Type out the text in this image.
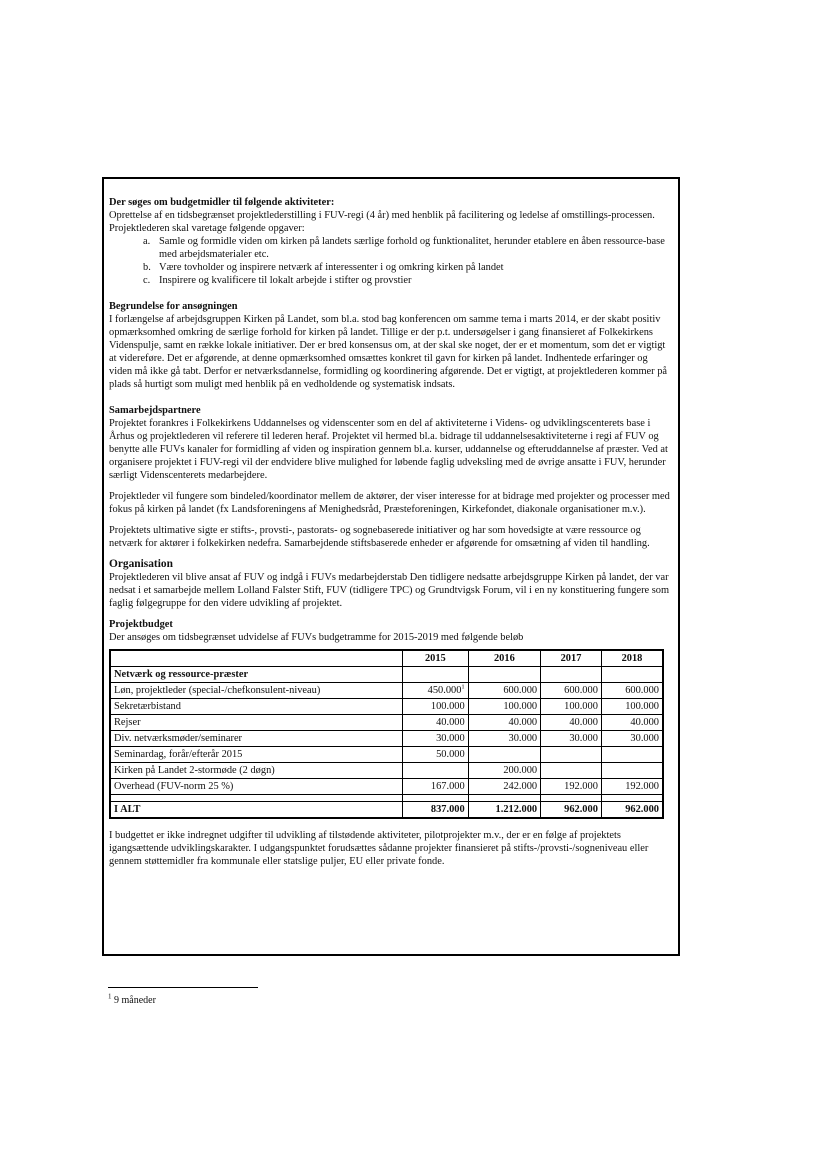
Der søges om budgetmidler til følgende aktiviteter:

Oprettelse af en tidsbegrænset projektlederstilling i FUV-regi (4 år) med henblik på facilitering og ledelse af omstillings-processen.

Projektlederen skal varetage følgende opgaver:

a. Samle og formidle viden om kirken på landets særlige forhold og funktionalitet, herunder etablere en åben ressource-base med arbejdsmaterialer etc.
b. Være tovholder og inspirere netværk af interessenter i og omkring kirken på landet
c. Inspirere og kvalificere til lokalt arbejde i stifter og provstier

Begrundelse for ansøgningen

I forlængelse af arbejdsgruppen Kirken på Landet, som bl.a. stod bag konferencen om samme tema i marts 2014, er der skabt positiv opmærksomhed omkring de særlige forhold for kirken på landet. Tillige er der p.t. undersøgelser i gang finansieret af Folkekirkens Videnspulje, samt en række lokale initiativer. Der er bred konsensus om, at der skal ske noget, der er et momentum, som det er vigtigt at videreføre. Det er afgørende, at denne opmærksomhed omsættes konkret til gavn for kirken på landet. Indhentede erfaringer og viden må ikke gå tabt. Derfor er netværksdannelse, formidling og koordinering afgørende. Det er vigtigt, at projektlederen kommer på plads så hurtigt som muligt med henblik på en vedholdende og systematisk indsats.

Samarbejdspartnere

Projektet forankres i Folkekirkens Uddannelses og videnscenter som en del af aktiviteterne i Videns- og udviklingscenterets base i Århus og projektlederen vil referere til lederen heraf. Projektet vil hermed bl.a. bidrage til uddannelsesaktiviteterne i regi af FUV og benytte alle FUVs kanaler for formidling af viden og inspiration gennem bl.a. kurser, uddannelse og efteruddannelse af præster. Ved at organisere projektet i FUV-regi vil der endvidere blive mulighed for løbende faglig udveksling med de øvrige ansatte i FUV, herunder særligt Videnscenterets medarbejdere.

Projektleder vil fungere som bindeled/koordinator mellem de aktører, der viser interesse for at bidrage med projekter og processer med fokus på kirken på landet (fx Landsforeningens af Menighedsråd, Præsteforeningen, Kirkefondet, diakonale organisationer m.v.).

Projektets ultimative sigte er stifts-, provsti-, pastorats- og sognebaserede initiativer og har som hovedsigte at være ressource og netværk for aktører i folkekirken nedefra. Samarbejdende stiftsbaserede enheder er afgørende for omsætning af viden til handling.

Organisation

Projektlederen vil blive ansat af FUV og indgå i FUVs medarbejderstab Den tidligere nedsatte arbejdsgruppe Kirken på landet, der var nedsat i et samarbejde mellem Lolland Falster Stift, FUV (tidligere TPC) og Grundtvigsk Forum, vil i en ny konstituering fungere som faglig følgegruppe for den videre udvikling af projektet.

Projektbudget

Der ansøges om tidsbegrænset udvidelse af FUVs budgetramme for 2015-2019 med følgende beløb

	2015	2016	2017	2018
Netværk og ressource-præster				
Løn, projektleder (special-/chefkonsulent-niveau)	450.000$^1$	600.000	600.000	600.000
Sekretærbistand	100.000	100.000	100.000	100.000
Rejser	40.000	40.000	40.000	40.000
Div. netværksmøder/seminarer	30.000	30.000	30.000	30.000
Seminardag, forår/efterår 2015	50.000			
Kirken på Landet 2-stormøde (2 døgn)		200.000		
Overhead (FUV-norm 25 %)	167.000	242.000	192.000	192.000

I ALT	837.000	1.212.000	962.000	962.000

I budgettet er ikke indregnet udgifter til udvikling af tilstødende aktiviteter, pilotprojekter m.v., der er en følge af projektets igangsættende udviklingskarakter. I udgangspunktet forudsættes sådanne projekter finansieret på stifts-/provsti-/sogneniveau eller gennem støttemidler fra kommunale eller statslige puljer, EU eller private fonde.

$^1$ 9 måneder
